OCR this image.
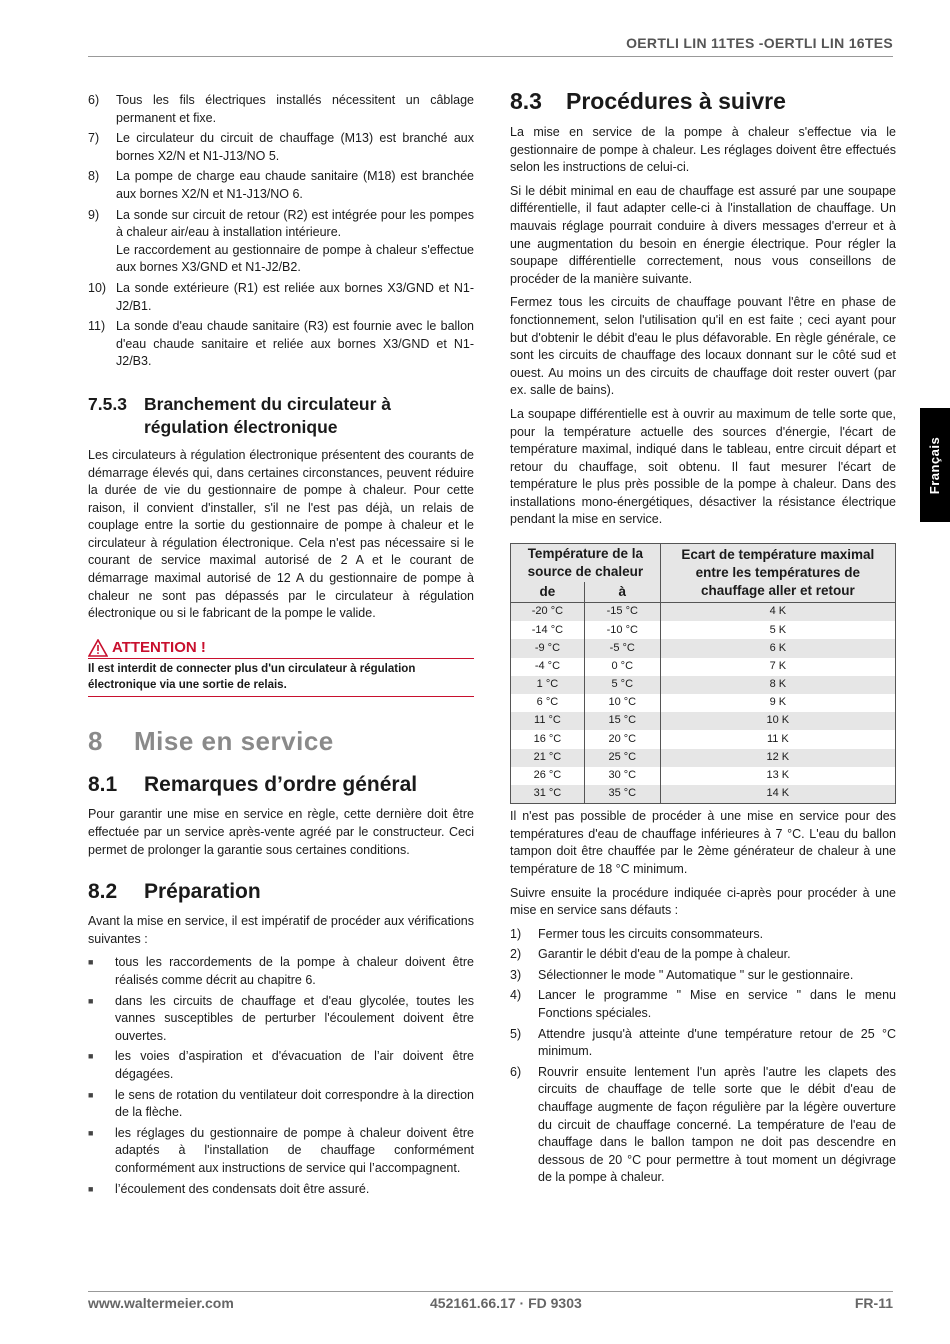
OERTLI LIN 11TES -OERTLI LIN 16TES
Français
6)	Tous les fils électriques installés nécessitent un câblage permanent et fixe.
7)	Le circulateur du circuit de chauffage (M13) est branché aux bornes X2/N et N1-J13/NO 5.
8)	La pompe de charge eau chaude sanitaire (M18) est branchée aux bornes X2/N et N1-J13/NO 6.
9)	La sonde sur circuit de retour (R2) est intégrée pour les pompes à chaleur air/eau à installation intérieure.
Le raccordement au gestionnaire de pompe à chaleur s'effectue aux bornes X3/GND et N1-J2/B2.
10) La sonde extérieure (R1) est reliée aux bornes X3/GND et N1-J2/B1.
11) La sonde d'eau chaude sanitaire (R3) est fournie avec le ballon d'eau chaude sanitaire et reliée aux bornes X3/GND et N1-J2/B3.
7.5.3 Branchement du circulateur à régulation électronique

Les circulateurs à régulation électronique présentent des courants de démarrage élevés qui, dans certaines circonstances, peuvent réduire la durée de vie du gestionnaire de pompe à chaleur. Pour cette raison, il convient d'installer, s'il ne l'est pas déjà, un relais de couplage entre la sortie du gestionnaire de pompe à chaleur et le circulateur à régulation électronique. Cela n'est pas nécessaire si le courant de service maximal autorisé de 2 A et le courant de démarrage maximal autorisé de 12 A du gestionnaire de pompe à chaleur ne sont pas dépassés par le circulateur à régulation électronique ou si le fabricant de la pompe le valide.

ATTENTION !
Il est interdit de connecter plus d'un circulateur à régulation électronique via une sortie de relais.
8	Mise en service
8.1	Remarques d’ordre général

Pour garantir une mise en service en règle, cette dernière doit être effectuée par un service après-vente agréé par le constructeur. Ceci permet de prolonger la garantie sous certaines conditions.

8.2	Préparation

Avant la mise en service, il est impératif de procéder aux vérifications suivantes :

■	tous les raccordements de la pompe à chaleur doivent être réalisés comme décrit au chapitre 6.
■	dans les circuits de chauffage et d'eau glycolée, toutes les vannes susceptibles de perturber l'écoulement doivent être ouvertes.
■	les voies d’aspiration et d'évacuation de l’air doivent être dégagées.
■	le sens de rotation du ventilateur doit correspondre à la direction de la flèche.
■	les réglages du gestionnaire de pompe à chaleur doivent être adaptés à l'installation de chauffage conformément conformément aux instructions de service qui l’accompagnent.
■	l’écoulement des condensats doit être assuré.
8.3	Procédures à suivre

La mise en service de la pompe à chaleur s'effectue via le gestionnaire de pompe à chaleur. Les réglages doivent être effectués selon les instructions de celui-ci.

Si le débit minimal en eau de chauffage est assuré par une soupape différentielle, il faut adapter celle-ci à l'installation de chauffage. Un mauvais réglage pourrait conduire à divers messages d'erreur et à une augmentation du besoin en énergie électrique. Pour régler la soupape différentielle correctement, nous vous conseillons de procéder de la manière suivante.

Fermez tous les circuits de chauffage pouvant l'être en phase de fonctionnement, selon l'utilisation qu'il en est faite ; ceci ayant pour but d'obtenir le débit d'eau le plus défavorable. En règle générale, ce sont les circuits de chauffage des locaux donnant sur le côté sud et ouest. Au moins un des circuits de chauffage doit rester ouvert (par ex. salle de bains).

La soupape différentielle est à ouvrir au maximum de telle sorte que, pour la température actuelle des sources d'énergie, l'écart de température maximal, indiqué dans le tableau, entre circuit départ et retour du chauffage, soit obtenu. Il faut mesurer l'écart de température le plus près possible de la pompe à chaleur. Dans des installations mono-énergétiques, désactiver la résistance électrique pendant la mise en service.

Température de la source de chaleur		Ecart de température maximal entre les températures de chauffage aller et retour
de	à	
-20 °C	-15 °C	4 K
-14 °C	-10 °C	5 K
-9 °C	-5 °C	6 K
-4 °C	0 °C	7 K
1 °C	5 °C	8 K
6 °C	10 °C	9 K
11 °C	15 °C	10 K
16 °C	20 °C	11 K
21 °C	25 °C	12 K
26 °C	30 °C	13 K
31 °C	35 °C	14 K

Il n'est pas possible de procéder à une mise en service pour des températures d'eau de chauffage inférieures à 7 °C. L'eau du ballon tampon doit être chauffée par le 2ème générateur de chaleur à une température de 18 °C minimum.

Suivre ensuite la procédure indiquée ci-après pour procéder à une mise en service sans défauts :

1)	Fermer tous les circuits consommateurs.
2)	Garantir le débit d'eau de la pompe à chaleur.
3)	Sélectionner le mode " Automatique " sur le gestionnaire.
4)	Lancer le programme " Mise en service " dans le menu Fonctions spéciales.
5)	Attendre jusqu'à atteinte d'une température retour de 25 °C minimum.
6)	Rouvrir ensuite lentement l'un après l'autre les clapets des circuits de chauffage de telle sorte que le débit d'eau de chauffage augmente de façon régulière par la légère ouverture du circuit de chauffage concerné. La température de l'eau de chauffage dans le ballon tampon ne doit pas descendre en dessous de 20 °C pour permettre à tout moment un dégivrage de la pompe à chaleur.
www.waltermeier.com	452161.66.17 · FD 9303	FR-11
